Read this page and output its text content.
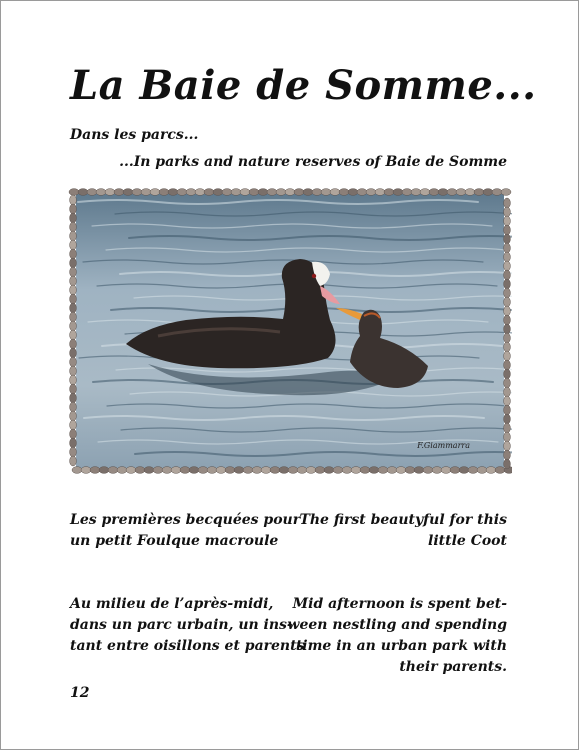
La Baie de Somme...
Dans les parcs...
...In parks and nature reserves of Baie de Somme
F.Giammarra

Les premières becquées pour

un petit Foulque macroule

The first beautyful for this

little Coot

Au milieu de l’après-midi,

dans un parc urbain, un ins-

tant entre oisillons et parents

Mid afternoon is spent bet-

ween nestling and spending

time in an urban park with

their parents.

12
